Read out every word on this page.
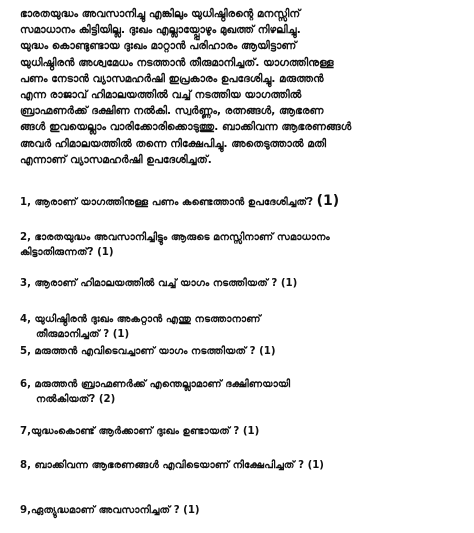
ഭാരതയുദ്ധം അവസാനിച്ചു എങ്കിലും യുധിഷ്ഠിരന്റെ മനസ്സിന്
സമാധാനം കിട്ടിയില്ല. ദുഃഖം എല്ലായ്പ്പോഴും മുഖത്ത് നിഴലിച്ചു.
യുദ്ധം കൊണ്ടുണ്ടായ ദുഃഖം മാറ്റാൻ പരിഹാരം ആയിട്ടാണ്
യുധിഷ്ഠിരൻ അശ്വമേധം നടത്താൻ തീരുമാനിച്ചത്. യാഗത്തിനുള്ള
പണം നേടാൻ വ്യാസമഹർഷി ഇപ്രകാരം ഉപദേശിച്ചു. മരുത്തൻ
എന്ന രാജാവ് ഹിമാലയത്തിൽ വച്ച് നടത്തിയ യാഗത്തിൽ
ബ്രാഹ്മണർക്ക് ദക്ഷിണ നൽകി. സ്വർണ്ണം, രത്നങ്ങൾ, ആഭരണ
ങ്ങൾ ഇവയെല്ലാം വാരിക്കോരിക്കൊടുത്തു. ബാക്കിവന്ന ആഭരണങ്ങൾ
അവർ ഹിമാലയത്തിൽ തന്നെ നിക്ഷേപിച്ചു. അതെടുത്താൽ മതി
എന്നാണ് വ്യാസമഹർഷി ഉപദേശിച്ചത്.
1, ആരാണ് യാഗത്തിനുള്ള പണം കണ്ടെത്താൻ ഉപദേശിച്ചത്? (1)
2, ഭാരതയുദ്ധം അവസാനിച്ചിട്ടും ആരുടെ മനസ്സിനാണ് സമാധാനം
കിട്ടാതിരുന്നത്? (1)
3, ആരാണ് ഹിമാലയത്തിൽ വച്ച് യാഗം നടത്തിയത് ? (1)
4, യുധിഷ്ഠിരൻ ദുഃഖം അകറ്റാൻ എന്തു നടത്താനാണ്
തീരുമാനിച്ചത് ? (1)
5, മരുത്തൻ എവിടെവച്ചാണ് യാഗം നടത്തിയത് ? (1)
6, മരുത്തൻ ബ്രാഹ്മണർക്ക് എന്തെല്ലാമാണ് ദക്ഷിണയായി
നൽകിയത്? (2)
7,യുദ്ധംകൊണ്ട് ആർക്കാണ് ദുഃഖം ഉണ്ടായത് ? (1)
8, ബാക്കിവന്ന ആഭരണങ്ങൾ എവിടെയാണ് നിക്ഷേപിച്ചത് ? (1)
9,ഏത്യുദ്ധമാണ് അവസാനിച്ചത് ? (1)
